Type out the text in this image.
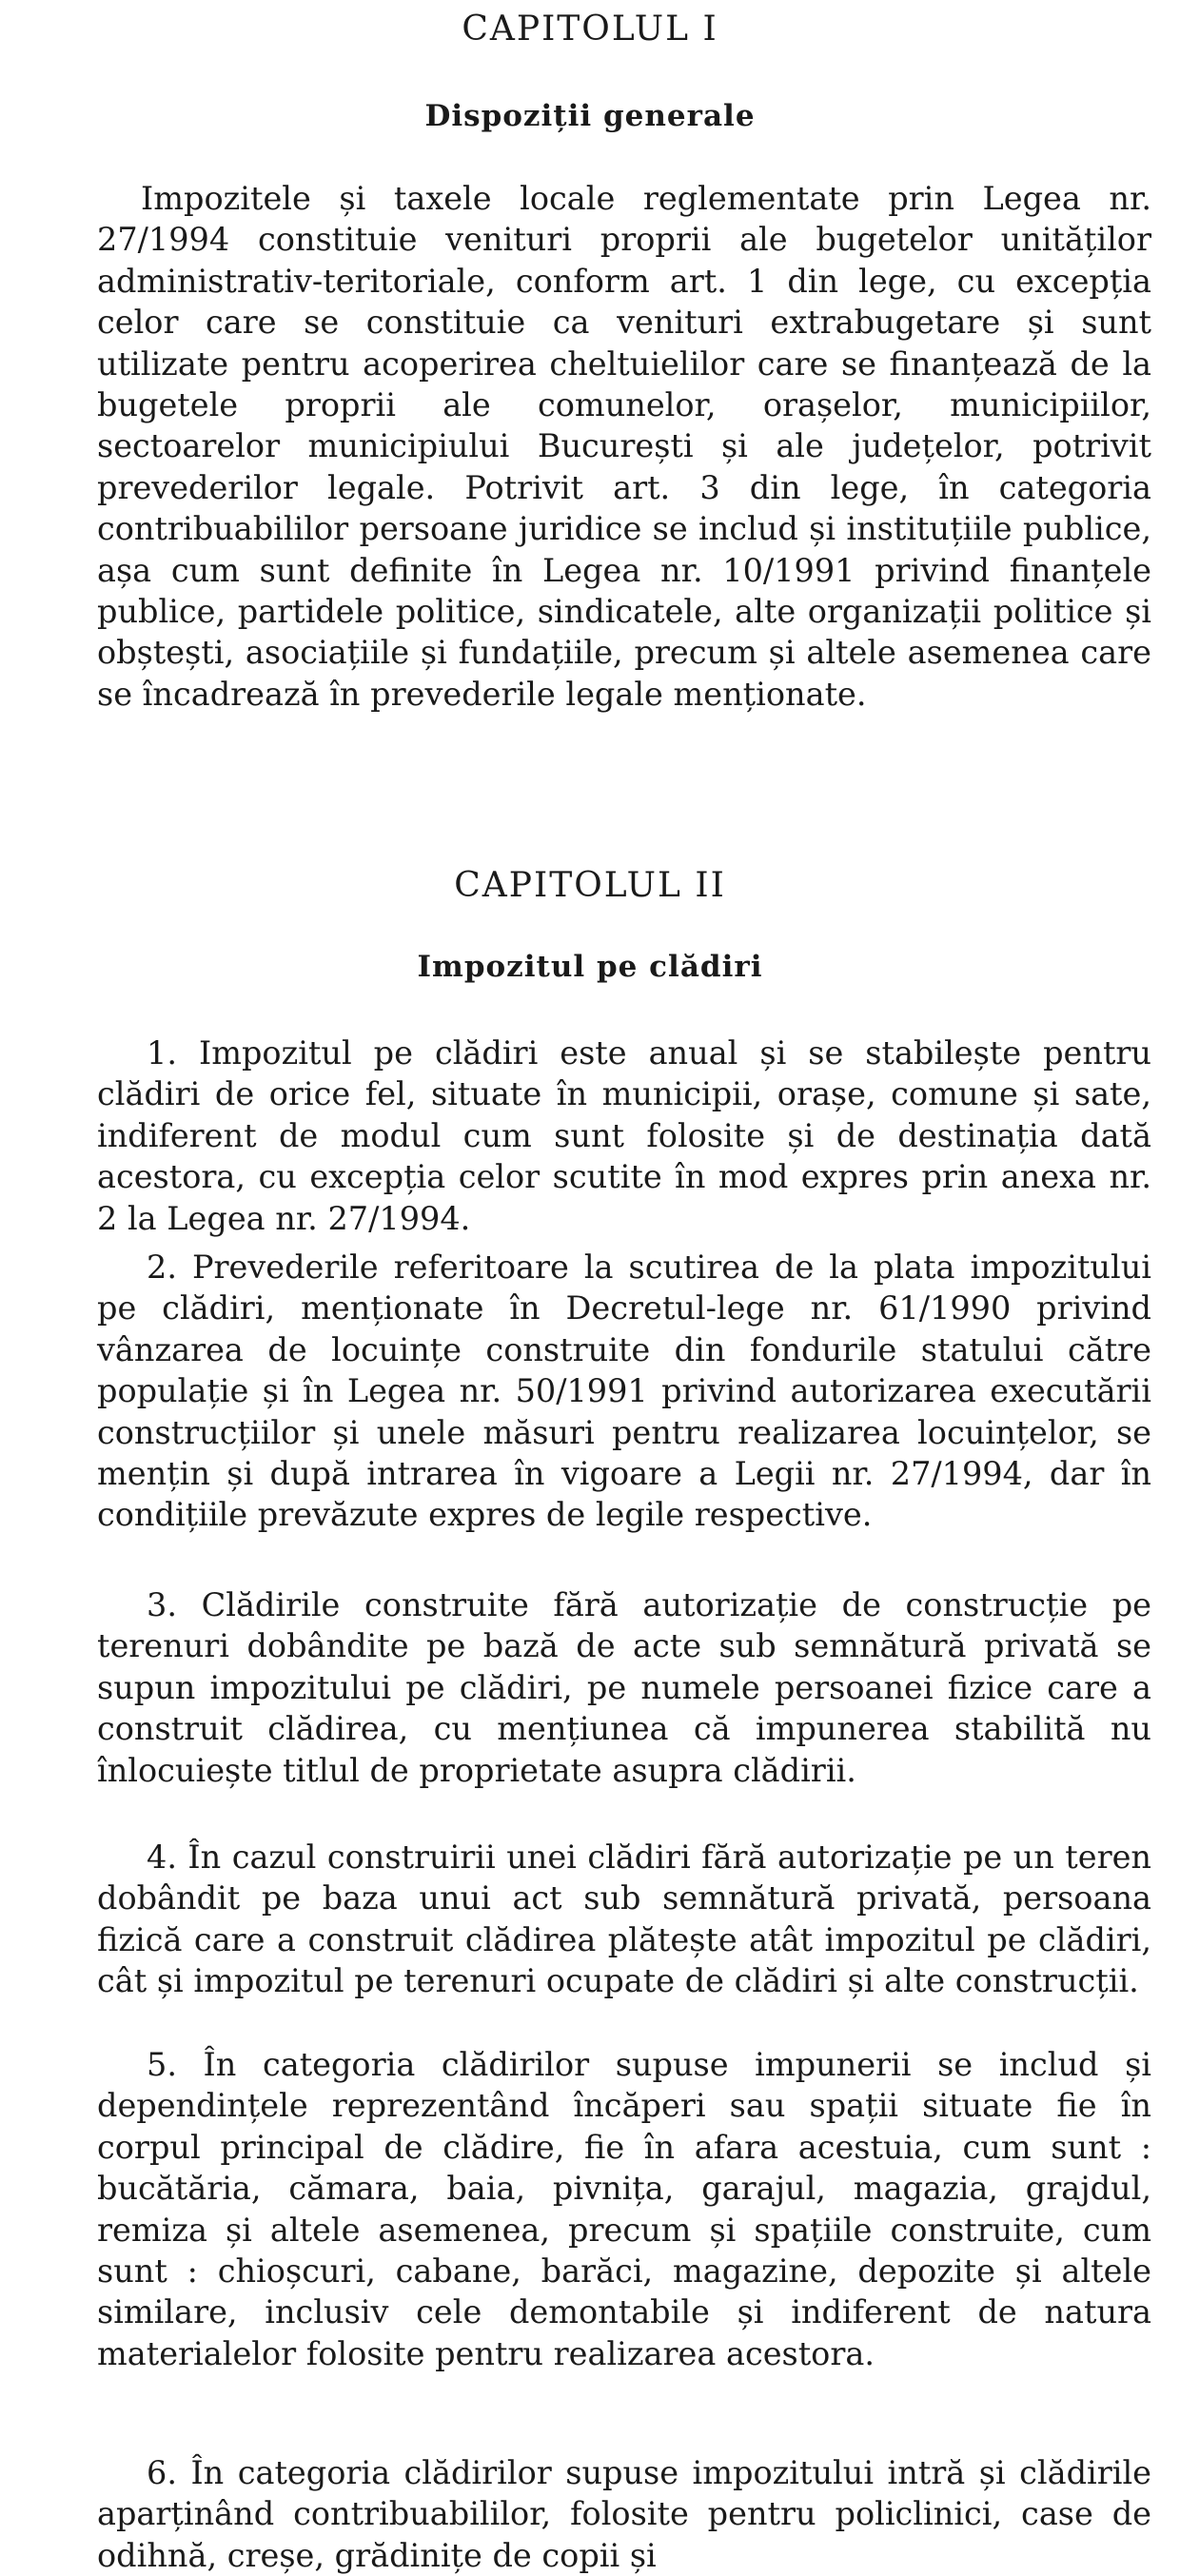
CAPITOLUL I
Dispoziții generale

Impozitele și taxele locale reglementate prin Legea nr. 27/1994 constituie venituri proprii ale bugetelor unităților administrativ-teritoriale, conform art. 1 din lege, cu excepția celor care se constituie ca venituri extrabugetare și sunt utilizate pentru acoperirea cheltuielilor care se finanțează de la bugetele proprii ale comunelor, orașelor, municipiilor, sectoarelor municipiului București și ale județelor, potrivit prevederilor legale. Potrivit art. 3 din lege, în categoria contribuabililor persoane juridice se includ și instituțiile publice, așa cum sunt definite în Legea nr. 10/1991 privind finanțele publice, partidele politice, sindicatele, alte organizații politice și obștești, asociațiile și fundațiile, precum și altele asemenea care se încadrează în prevederile legale menționate.

CAPITOLUL II
Impozitul pe clădiri

1. Impozitul pe clădiri este anual și se stabilește pentru clădiri de orice fel, situate în municipii, orașe, comune și sate, indiferent de modul cum sunt folosite și de destinația dată acestora, cu excepția celor scutite în mod expres prin anexa nr. 2 la Legea nr. 27/1994.

2. Prevederile referitoare la scutirea de la plata impozitului pe clădiri, menționate în Decretul-lege nr. 61/1990 privind vânzarea de locuințe construite din fondurile statului către populație și în Legea nr. 50/1991 privind autorizarea executării construcțiilor și unele măsuri pentru realizarea locuințelor, se mențin și după intrarea în vigoare a Legii nr. 27/1994, dar în condițiile prevăzute expres de legile respective.

3. Clădirile construite fără autorizație de construcție pe terenuri dobândite pe bază de acte sub semnătură privată se supun impozitului pe clădiri, pe numele persoanei fizice care a construit clădirea, cu mențiunea că impunerea stabilită nu înlocuiește titlul de proprietate asupra clădirii.

4. În cazul construirii unei clădiri fără autorizație pe un teren dobândit pe baza unui act sub semnătură privată, persoana fizică care a construit clădirea plătește atât impozitul pe clădiri, cât și impozitul pe terenuri ocupate de clădiri și alte construcții.

5. În categoria clădirilor supuse impunerii se includ și dependințele reprezentând încăperi sau spații situate fie în corpul principal de clădire, fie în afara acestuia, cum sunt : bucătăria, cămara, baia, pivnița, garajul, magazia, grajdul, remiza și altele asemenea, precum și spațiile construite, cum sunt : chioșcuri, cabane, barăci, magazine, depozite și altele similare, inclusiv cele demontabile și indiferent de natura materialelor folosite pentru realizarea acestora.

6. În categoria clădirilor supuse impozitului intră și clădirile aparținând contribuabililor, folosite pentru policlinici, case de odihnă, creșe, grădinițe de copii și
